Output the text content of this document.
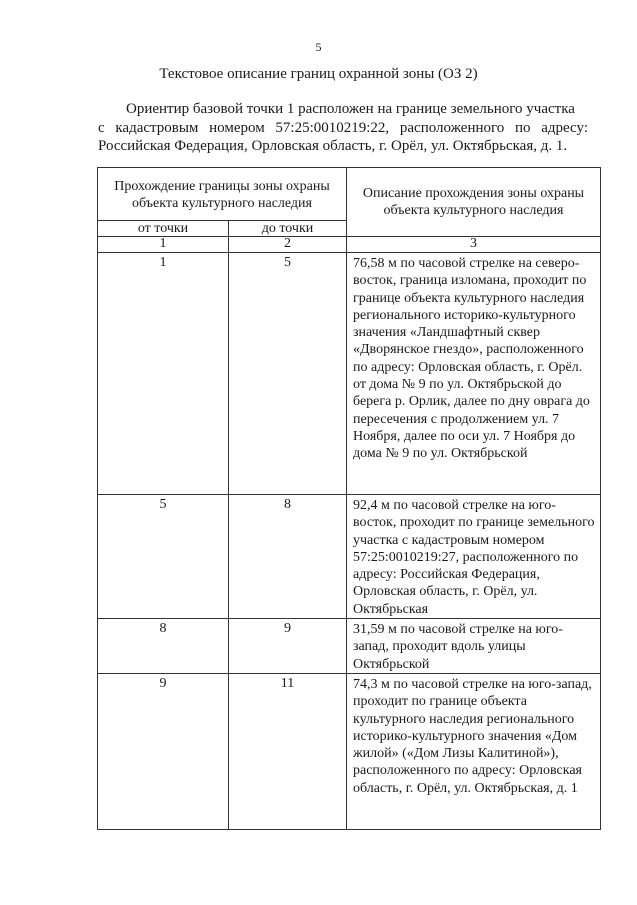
5
Текстовое описание границ охранной зоны (ОЗ 2)
Ориентир базовой точки 1 расположен на границе земельного участка
с кадастровым номером 57:25:0010219:22, расположенного по адресу: Российская Федерация, Орловская область, г. Орёл, ул. Октябрьская, д. 1.
Прохождение границы зоны охраны объекта культурного наследия		Описание прохождения зоны охраны объекта культурного наследия
от точки	до точки	
1	2	3
1	5	76,58 м по часовой стрелке на северо-восток, граница изломана, проходит по границе объекта культурного наследия регионального историко-культурного значения «Ландшафтный сквер «Дворянское гнездо», расположенного по адресу: Орловская область, г. Орёл. от дома № 9 по ул. Октябрьской до берега р. Орлик, далее по дну оврага до пересечения с продолжением ул. 7 Ноября, далее по оси ул. 7 Ноября до дома № 9 по ул. Октябрьской
5	8	92,4 м по часовой стрелке на юго-восток, проходит по границе земельного участка с кадастровым номером 57:25:0010219:27, расположенного по адресу: Российская Федерация, Орловская область, г. Орёл, ул. Октябрьская
8	9	31,59 м по часовой стрелке на юго-запад, проходит вдоль улицы Октябрьской
9	11	74,3 м по часовой стрелке на юго-запад, проходит по границе объекта культурного наследия регионального историко-культурного значения «Дом жилой» («Дом Лизы Калитиной»), расположенного по адресу: Орловская область, г. Орёл, ул. Октябрьская, д. 1
